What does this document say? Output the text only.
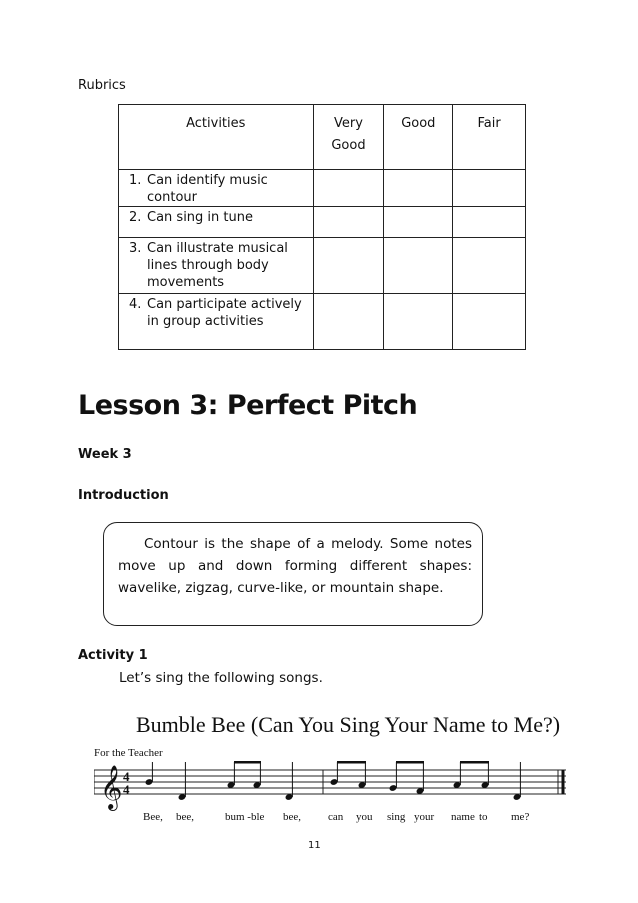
Rubrics
Activities	Very Good	Good	Fair

1. Can identify music contour			

2. Can sing in tune			

3. Can illustrate musical lines through body movements			

4. Can participate actively in group activities			

Lesson 3: Perfect Pitch
Week 3
Introduction
Contour is the shape of a melody. Some notes move up and down forming different shapes: wavelike, zigzag, curve-like, or mountain shape.
Activity 1
Let’s sing the following songs.
Bumble Bee (Can You Sing Your Name to Me?)
For the Teacher
𝄞 4
4
Bee, bee,	bum - ble bee, can you sing your name to me?
11
